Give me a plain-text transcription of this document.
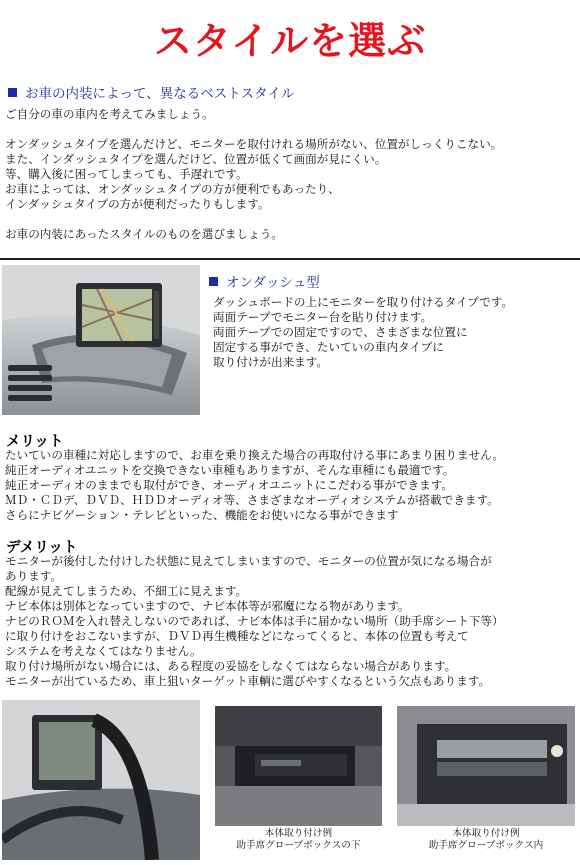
スタイルを選ぶ
お車の内装によって、異なるベストスタイル
ご自分の車の車内を考えてみましょう。
オンダッシュタイプを選んだけど、モニターを取付けれる場所がない、位置がしっくりこない。
また、インダッシュタイプを選んだけど、位置が低くて画面が見にくい。
等、購入後に困ってしまっても、手遅れです。
お車によっては、オンダッシュタイプの方が便利でもあったり、
インダッシュタイプの方が便利だったりもします。
お車の内装にあったスタイルのものを選びましょう。
オンダッシュ型
ダッシュボードの上にモニターを取り付けるタイプです。
両面テープでモニター台を貼り付けます。
両面テープでの固定ですので、さまざまな位置に
固定する事ができ、たいていの車内タイプに
取り付けが出来ます。
メリット
たいていの車種に対応しますので、お車を乗り換えた場合の再取付ける事にあまり困りません。
純正オーディオユニットを交換できない車種もありますが、そんな車種にも最適です。
純正オーディオのままでも取付ができ、オーディオユニットにこだわる事ができます。
ＭＤ・ＣＤデ、ＤＶＤ、ＨＤＤオーディオ等、さまざまなオーディオシステムが搭載できます。
さらにナビゲーション・テレビといった、機能をお使いになる事ができます
デメリット
モニターが後付した付けした状態に見えてしまいますので、モニターの位置が気になる場合が
あります。
配線が見えてしまうため、不細工に見えます。
ナビ本体は別体となっていますので、ナビ本体等が邪魔になる物があります。
ナビのＲＯＭを入れ替えしないのであれば、ナビ本体は手に届かない場所（助手席シート下等）
に取り付けをおこないますが、ＤＶＤ再生機種などになってくると、本体の位置も考えて
システムを考えなくてはなりません。
取り付け場所がない場合には、ある程度の妥協をしなくてはならない場合があります。
モニターが出ているため、車上狙いターゲット車輌に選びやすくなるという欠点もあります。
本体取り付け例
助手席グローブボックスの下
本体取り付け例
助手席グローブボックス内
